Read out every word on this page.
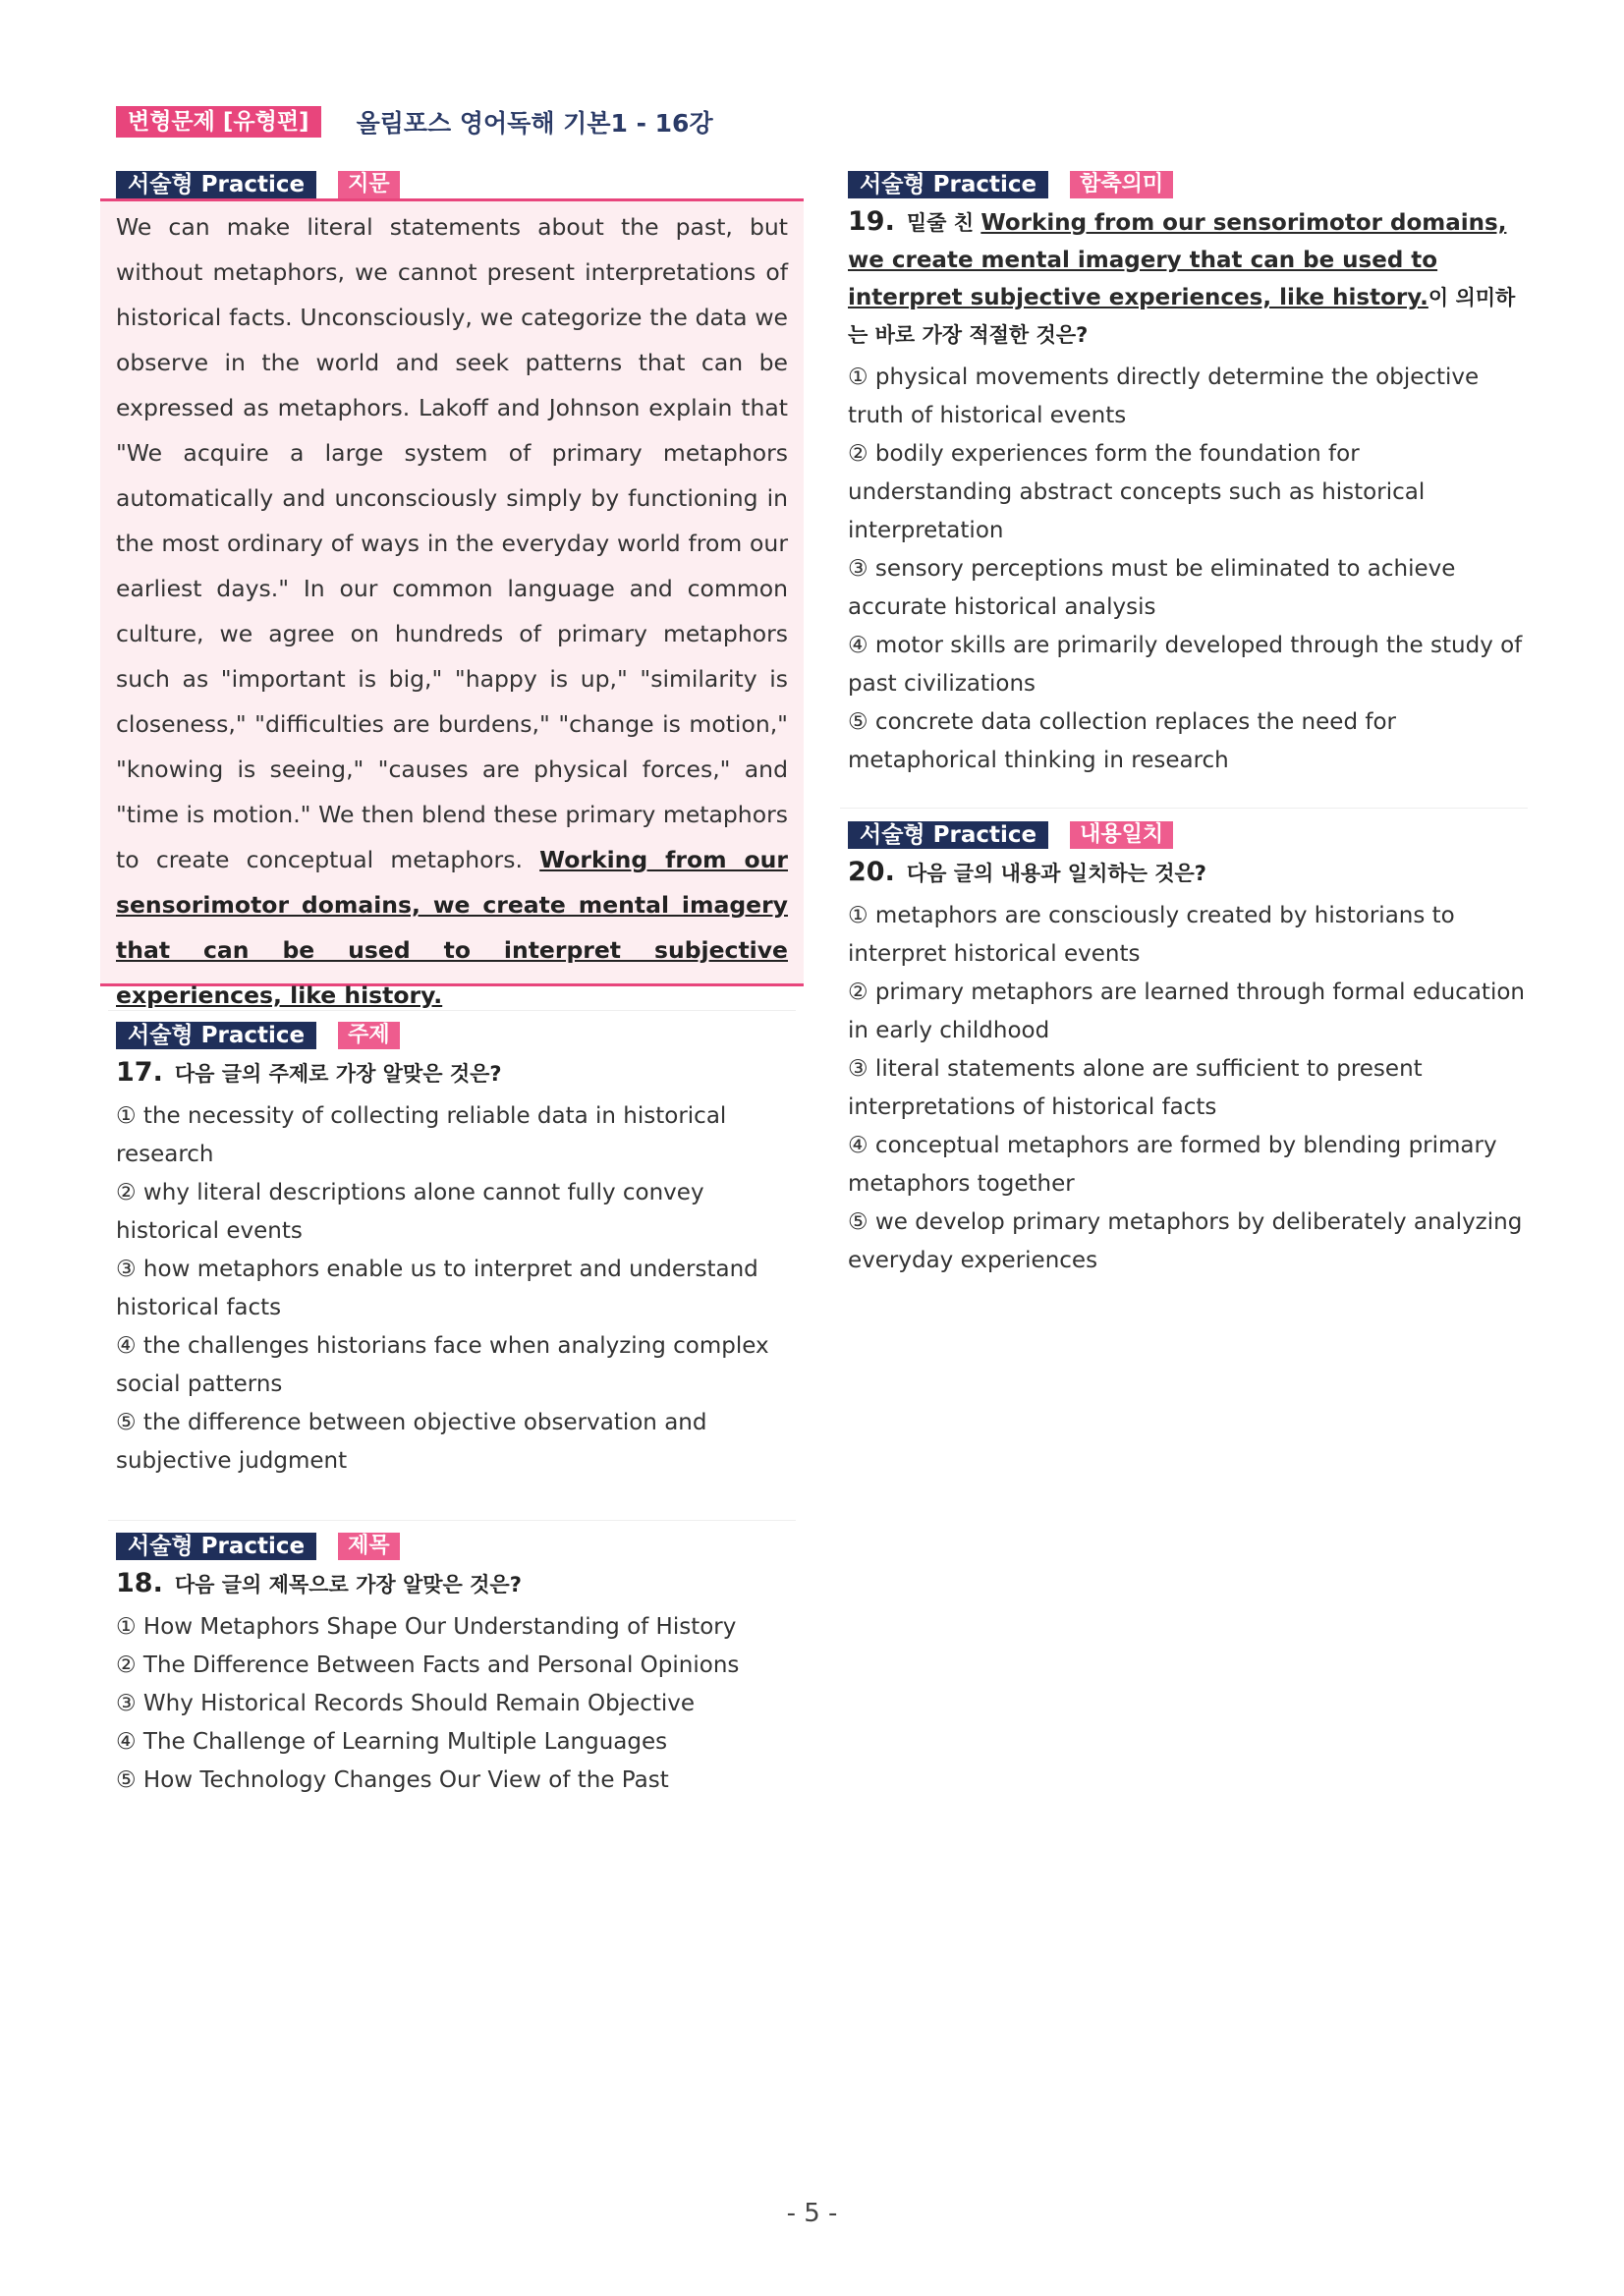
변형문제 [유형편]	올림포스 영어독해 기본1 - 16강
서술형 Practice	지문
We can make literal statements about the past, but without metaphors, we cannot present interpretations of historical facts. Unconsciously, we categorize the data we observe in the world and seek patterns that can be expressed as metaphors. Lakoff and Johnson explain that "We acquire a large system of primary metaphors automatically and unconsciously simply by functioning in the most ordinary of ways in the everyday world from our earliest days." In our common language and common culture, we agree on hundreds of primary metaphors such as "important is big," "happy is up," "similarity is closeness," "difficulties are burdens," "change is motion," "knowing is seeing," "causes are physical forces," and "time is motion." We then blend these primary metaphors to create conceptual metaphors. Working from our sensorimotor domains, we create mental imagery that can be used to interpret subjective experiences, like history.
서술형 Practice	주제
17. 다음 글의 주제로 가장 알맞은 것은?
① the necessity of collecting reliable data in historical research
② why literal descriptions alone cannot fully convey historical events
③ how metaphors enable us to interpret and understand historical facts
④ the challenges historians face when analyzing complex social patterns
⑤ the difference between objective observation and subjective judgment
서술형 Practice	제목
18. 다음 글의 제목으로 가장 알맞은 것은?
① How Metaphors Shape Our Understanding of History
② The Difference Between Facts and Personal Opinions
③ Why Historical Records Should Remain Objective
④ The Challenge of Learning Multiple Languages
⑤ How Technology Changes Our View of the Past
서술형 Practice	함축의미
19. 밑줄 친 Working from our sensorimotor domains, we create mental imagery that can be used to interpret subjective experiences, like history.이 의미하는 바로 가장 적절한 것은?
① physical movements directly determine the objective truth of historical events
② bodily experiences form the foundation for understanding abstract concepts such as historical interpretation
③ sensory perceptions must be eliminated to achieve accurate historical analysis
④ motor skills are primarily developed through the study of past civilizations
⑤ concrete data collection replaces the need for metaphorical thinking in research
서술형 Practice	내용일치
20. 다음 글의 내용과 일치하는 것은?
① metaphors are consciously created by historians to interpret historical events
② primary metaphors are learned through formal education in early childhood
③ literal statements alone are sufficient to present interpretations of historical facts
④ conceptual metaphors are formed by blending primary metaphors together
⑤ we develop primary metaphors by deliberately analyzing everyday experiences
- 5 -
